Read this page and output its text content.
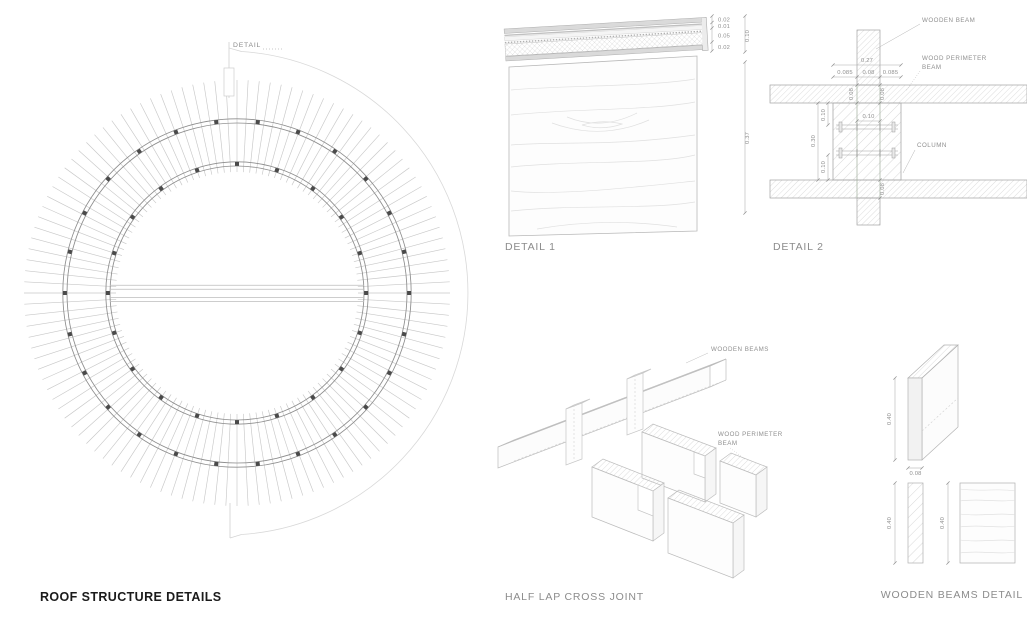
DETAIL
0.02
0.01
0.05
0.02
0.10
0.37
DETAIL 1
WOODEN BEAM
WOOD PERIMETER
BEAM
COLUMN
0.27
0.085 0.08 0.085
0.08	0.08
0.08
0.10
0.30
0.10
0.10
DETAIL 2
WOODEN BEAMS
WOOD PERIMETER
BEAM
HALF LAP CROSS JOINT
0.40
0.08
0.40	0.40
WOODEN BEAMS DETAIL
ROOF STRUCTURE DETAILS
